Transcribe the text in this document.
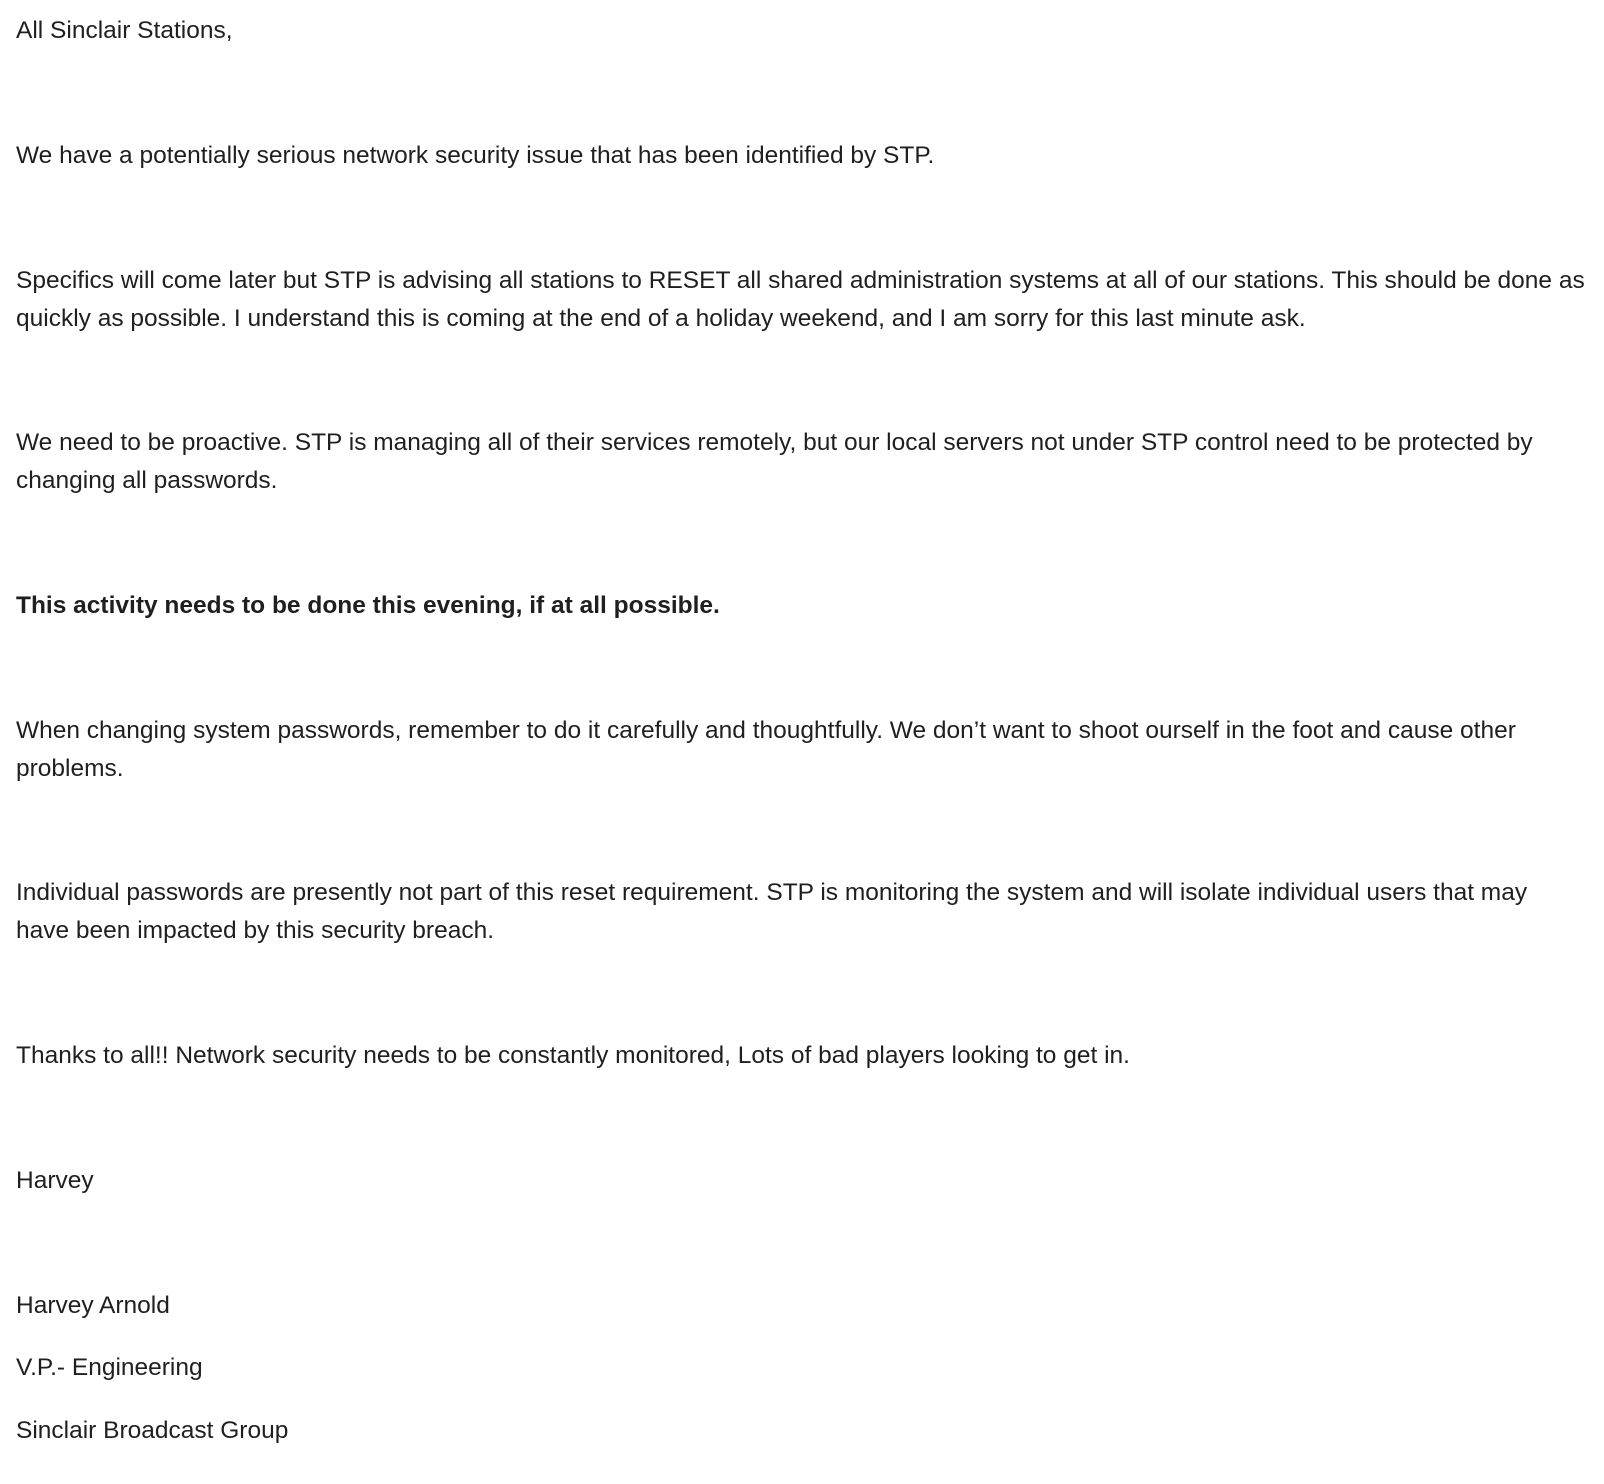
All Sinclair Stations,
We have a potentially serious network security issue that has been identified by STP.
Specifics will come later but STP is advising all stations to RESET all shared administration systems at all of our stations. This should be done as quickly as possible. I understand this is coming at the end of a holiday weekend, and I am sorry for this last minute ask.
We need to be proactive. STP is managing all of their services remotely, but our local servers not under STP control need to be protected by changing all passwords.
This activity needs to be done this evening, if at all possible.
When changing system passwords, remember to do it carefully and thoughtfully. We don’t want to shoot ourself in the foot and cause other problems.
Individual passwords are presently not part of this reset requirement. STP is monitoring the system and will isolate individual users that may have been impacted by this security breach.
Thanks to all!! Network security needs to be constantly monitored, Lots of bad players looking to get in.
Harvey
Harvey Arnold
V.P.- Engineering
Sinclair Broadcast Group
